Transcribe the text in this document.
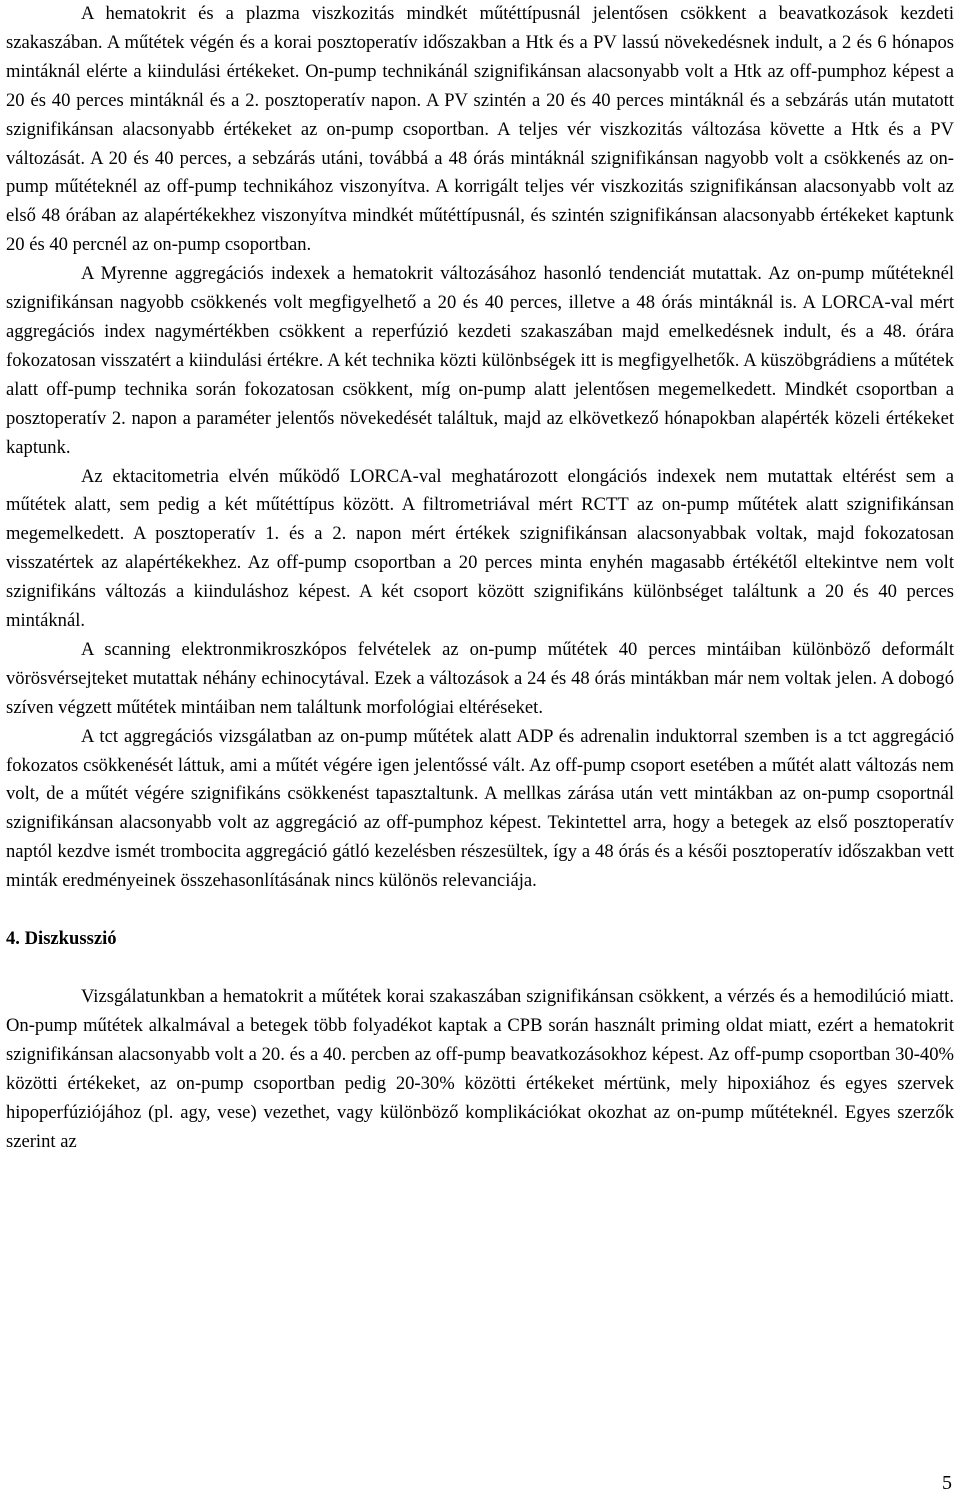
A hematokrit és a plazma viszkozitás mindkét műtéttípusnál jelentősen csökkent a beavatkozások kezdeti szakaszában. A műtétek végén és a korai posztoperatív időszakban a Htk és a PV lassú növekedésnek indult, a 2 és 6 hónapos mintáknál elérte a kiindulási értékeket. On-pump technikánál szignifikánsan alacsonyabb volt a Htk az off-pumphoz képest a 20 és 40 perces mintáknál és a 2. posztoperatív napon. A PV szintén a 20 és 40 perces mintáknál és a sebzárás után mutatott szignifikánsan alacsonyabb értékeket az on-pump csoportban. A teljes vér viszkozitás változása követte a Htk és a PV változását. A 20 és 40 perces, a sebzárás utáni, továbbá a 48 órás mintáknál szignifikánsan nagyobb volt a csökkenés az on-pump műtéteknél az off-pump technikához viszonyítva. A korrigált teljes vér viszkozitás szignifikánsan alacsonyabb volt az első 48 órában az alapértékekhez viszonyítva mindkét műtéttípusnál, és szintén szignifikánsan alacsonyabb értékeket kaptunk 20 és 40 percnél az on-pump csoportban.

A Myrenne aggregációs indexek a hematokrit változásához hasonló tendenciát mutattak. Az on-pump műtéteknél szignifikánsan nagyobb csökkenés volt megfigyelhető a 20 és 40 perces, illetve a 48 órás mintáknál is. A LORCA-val mért aggregációs index nagymértékben csökkent a reperfúzió kezdeti szakaszában majd emelkedésnek indult, és a 48. órára fokozatosan visszatért a kiindulási értékre. A két technika közti különbségek itt is megfigyelhetők. A küszöbgrádiens a műtétek alatt off-pump technika során fokozatosan csökkent, míg on-pump alatt jelentősen megemelkedett. Mindkét csoportban a posztoperatív 2. napon a paraméter jelentős növekedését találtuk, majd az elkövetkező hónapokban alapérték közeli értékeket kaptunk.

Az ektacitometria elvén működő LORCA-val meghatározott elongációs indexek nem mutattak eltérést sem a műtétek alatt, sem pedig a két műtéttípus között. A filtrometriával mért RCTT az on-pump műtétek alatt szignifikánsan megemelkedett. A posztoperatív 1. és a 2. napon mért értékek szignifikánsan alacsonyabbak voltak, majd fokozatosan visszatértek az alapértékekhez. Az off-pump csoportban a 20 perces minta enyhén magasabb értékétől eltekintve nem volt szignifikáns változás a kiinduláshoz képest. A két csoport között szignifikáns különbséget találtunk a 20 és 40 perces mintáknál.

A scanning elektronmikroszkópos felvételek az on-pump műtétek 40 perces mintáiban különböző deformált vörösvérsejteket mutattak néhány echinocytával. Ezek a változások a 24 és 48 órás mintákban már nem voltak jelen. A dobogó szíven végzett műtétek mintáiban nem találtunk morfológiai eltéréseket.

A tct aggregációs vizsgálatban az on-pump műtétek alatt ADP és adrenalin induktorral szemben is a tct aggregáció fokozatos csökkenését láttuk, ami a műtét végére igen jelentőssé vált. Az off-pump csoport esetében a műtét alatt változás nem volt, de a műtét végére szignifikáns csökkenést tapasztaltunk. A mellkas zárása után vett mintákban az on-pump csoportnál szignifikánsan alacsonyabb volt az aggregáció az off-pumphoz képest. Tekintettel arra, hogy a betegek az első posztoperatív naptól kezdve ismét trombocita aggregáció gátló kezelésben részesültek, így a 48 órás és a késői posztoperatív időszakban vett minták eredményeinek összehasonlításának nincs különös relevanciája.

4. Diszkusszió

Vizsgálatunkban a hematokrit a műtétek korai szakaszában szignifikánsan csökkent, a vérzés és a hemodilúció miatt. On-pump műtétek alkalmával a betegek több folyadékot kaptak a CPB során használt priming oldat miatt, ezért a hematokrit szignifikánsan alacsonyabb volt a 20. és a 40. percben az off-pump beavatkozásokhoz képest. Az off-pump csoportban 30-40% közötti értékeket, az on-pump csoportban pedig 20-30% közötti értékeket mértünk, mely hipoxiához és egyes szervek hipoperfúziójához (pl. agy, vese) vezethet, vagy különböző komplikációkat okozhat az on-pump műtéteknél. Egyes szerzők szerint az

5
